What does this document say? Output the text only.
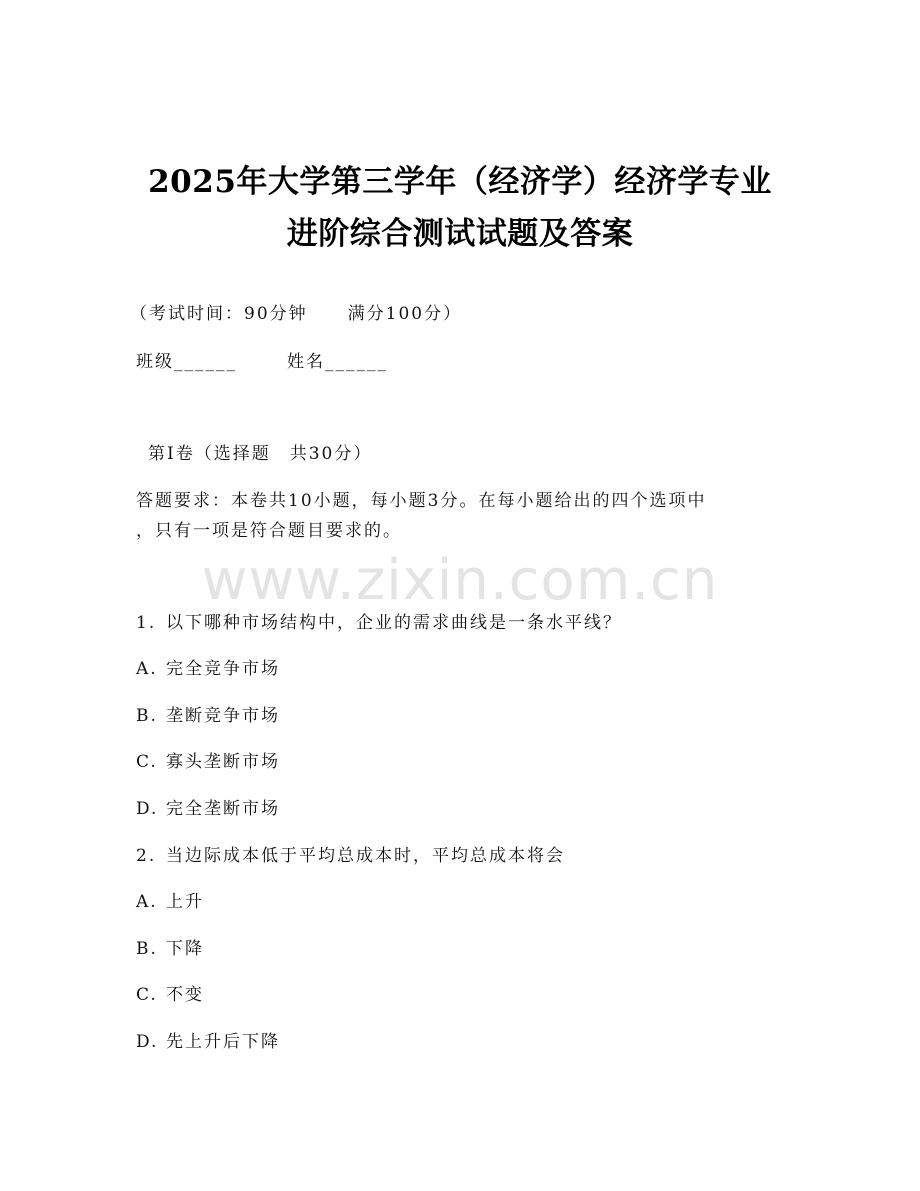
2025年大学第三学年（经济学）经济学专业
进阶综合测试试题及答案
（考试时间：90分钟 满分100分）
班级______	姓名______
第Ⅰ卷（选择题　共30分）
答题要求：本卷共10小题，每小题3分。在每小题给出的四个选项中
，只有一项是符合题目要求的。
www.zixin.com.cn
1. 以下哪种市场结构中，企业的需求曲线是一条水平线？
A. 完全竞争市场
B. 垄断竞争市场
C. 寡头垄断市场
D. 完全垄断市场
2. 当边际成本低于平均总成本时，平均总成本将会
A. 上升
B. 下降
C. 不变
D. 先上升后下降
